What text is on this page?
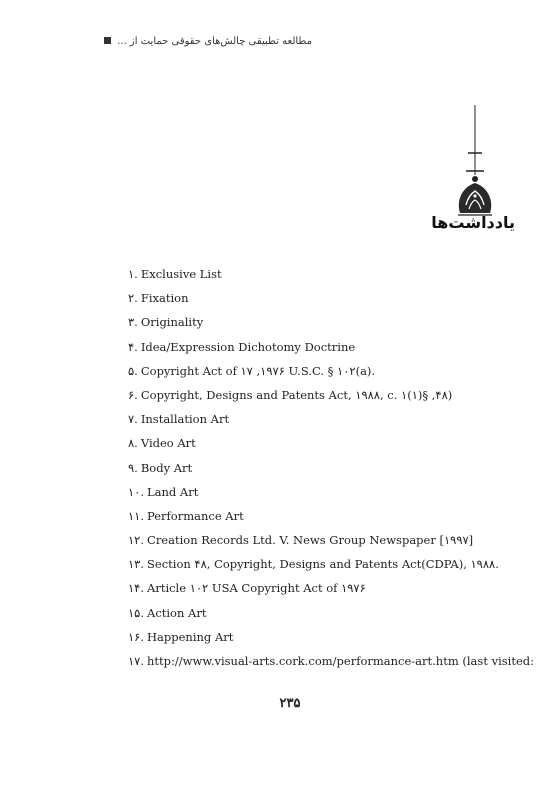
مطالعه تطبیقی چالش‌های حقوقی حمایت از ...
یادداشت‌ها
۱. Exclusive List
۲. Fixation
۳. Originality
۴. Idea/Expression Dichotomy Doctrine
۵. Copyright Act of ۱۷ ,۱۹۷۶ U.S.C. § ۱۰۲(a).
۶. Copyright, Designs and Patents Act, ۱۹۸۸, c. ۱(۱)§ ,۴۸)
۷. Installation Art
۸. Video Art
۹. Body Art
۱۰. Land Art
۱۱. Performance Art
۱۲. Creation Records Ltd. V. News Group Newspaper [۱۹۹۷]
۱۳. Section ۴۸, Copyright, Designs and Patents Act(CDPA), ۱۹۸۸.
۱۴. Article ۱۰۲ USA Copyright Act of ۱۹۷۶
۱۵. Action Art
۱۶. Happening Art
۱۷. http://www.visual-arts.cork.com/performance-art.htm (last visited:
۲۳۵
